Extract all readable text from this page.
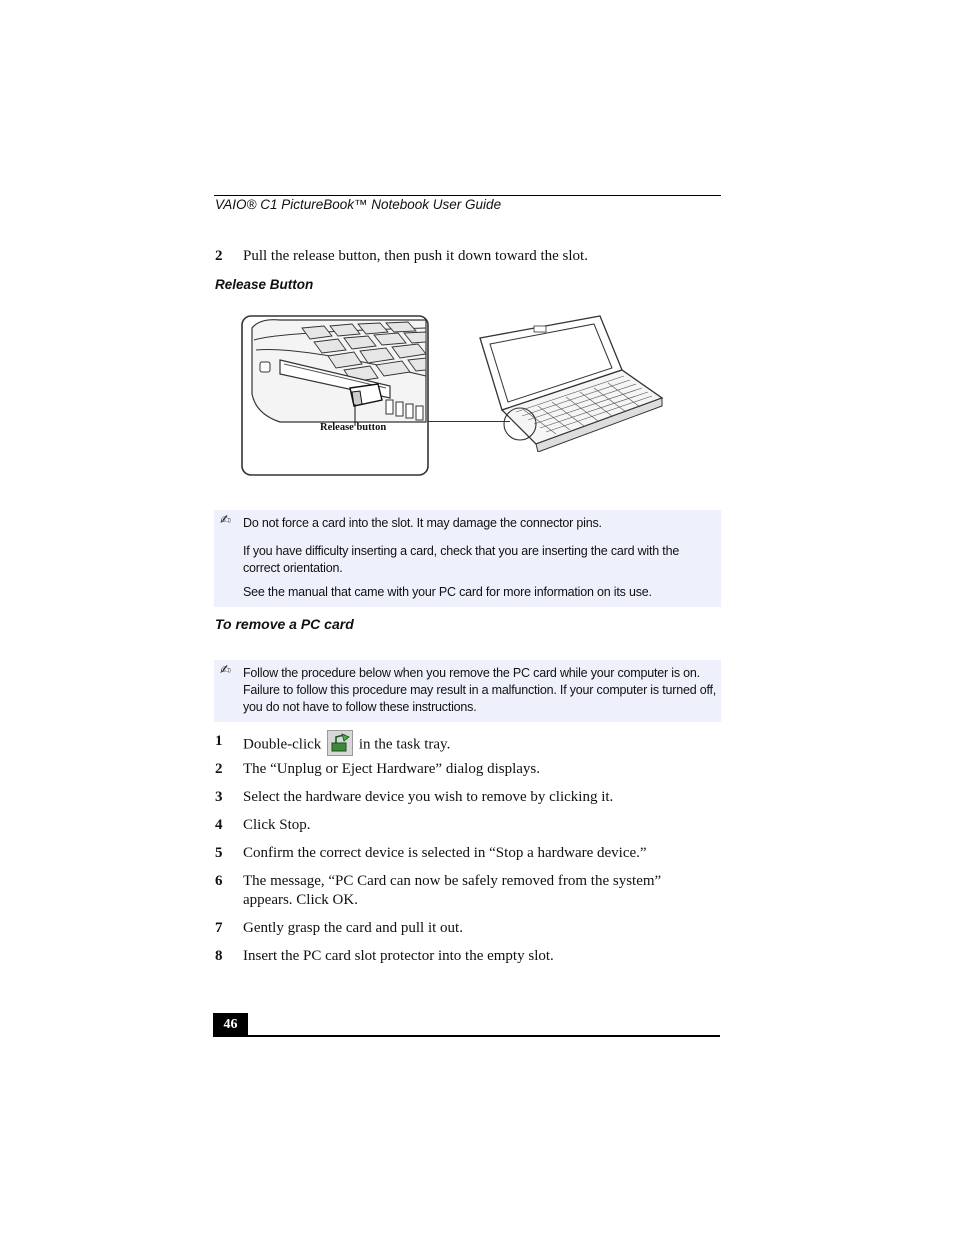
VAIO® C1 PictureBook™ Notebook User Guide
2 Pull the release button, then push it down toward the slot.
Release Button
Release button
✍ Do not force a card into the slot. It may damage the connector pins.
If you have difficulty inserting a card, check that you are inserting the card with the correct orientation.
See the manual that came with your PC card for more information on its use.
To remove a PC card
✍ Follow the procedure below when you remove the PC card while your computer is on. Failure to follow this procedure may result in a malfunction. If your computer is turned off, you do not have to follow these instructions.
1 Double-click	in the task tray.
2 The “Unplug or Eject Hardware” dialog displays.
3 Select the hardware device you wish to remove by clicking it.
4 Click Stop.
5 Confirm the correct device is selected in “Stop a hardware device.”
6 The message, “PC Card can now be safely removed from the system” appears. Click OK.
7 Gently grasp the card and pull it out.
8 Insert the PC card slot protector into the empty slot.
46
